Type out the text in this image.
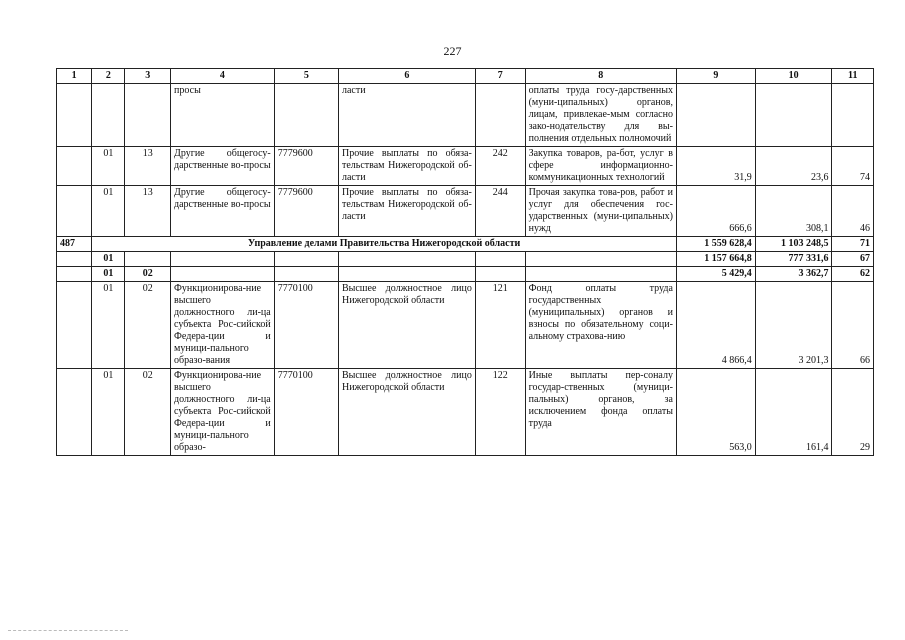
227
1	2	3	4	5	6	7	8	9	10	11
			просы		ласти		оплаты труда госу-дарственных (муни-ципальных) органов, лицам, привлекае-мым согласно зако-нодательству для вы-полнения отдельных полномочий			
	01	13	Другие общегосу-дарственные во-просы	7779600	Прочие выплаты по обяза-тельствам Нижегородской об-ласти	242	Закупка товаров, ра-бот, услуг в сфере информационно-коммуникационных технологий	31,9	23,6	74
	01	13	Другие общегосу-дарственные во-просы	7779600	Прочие выплаты по обяза-тельствам Нижегородской об-ласти	244	Прочая закупка това-ров, работ и услуг для обеспечения гос-ударственных (муни-ципальных) нужд	666,6	308,1	46
487	Управление делами Правительства Нижегородской области							1 559 628,4	1 103 248,5	71
	01							1 157 664,8	777 331,6	67
	01	02						5 429,4	3 362,7	62
	01	02	Функционирова-ние высшего должностного ли-ца субъекта Рос-сийской Федера-ции и муници-пального образо-вания	7770100	Высшее должностное лицо Нижегородской области	121	Фонд оплаты труда государственных (муниципальных) органов и взносы по обязательному соци-альному страхова-нию	4 866,4	3 201,3	66
	01	02	Функционирова-ние высшего должностного ли-ца субъекта Рос-сийской Федера-ции и муници-пального образо-	7770100	Высшее должностное лицо Нижегородской области	122	Иные выплаты пер-соналу государ-ственных (муници-пальных) органов, за исключением фонда оплаты труда	563,0	161,4	29
